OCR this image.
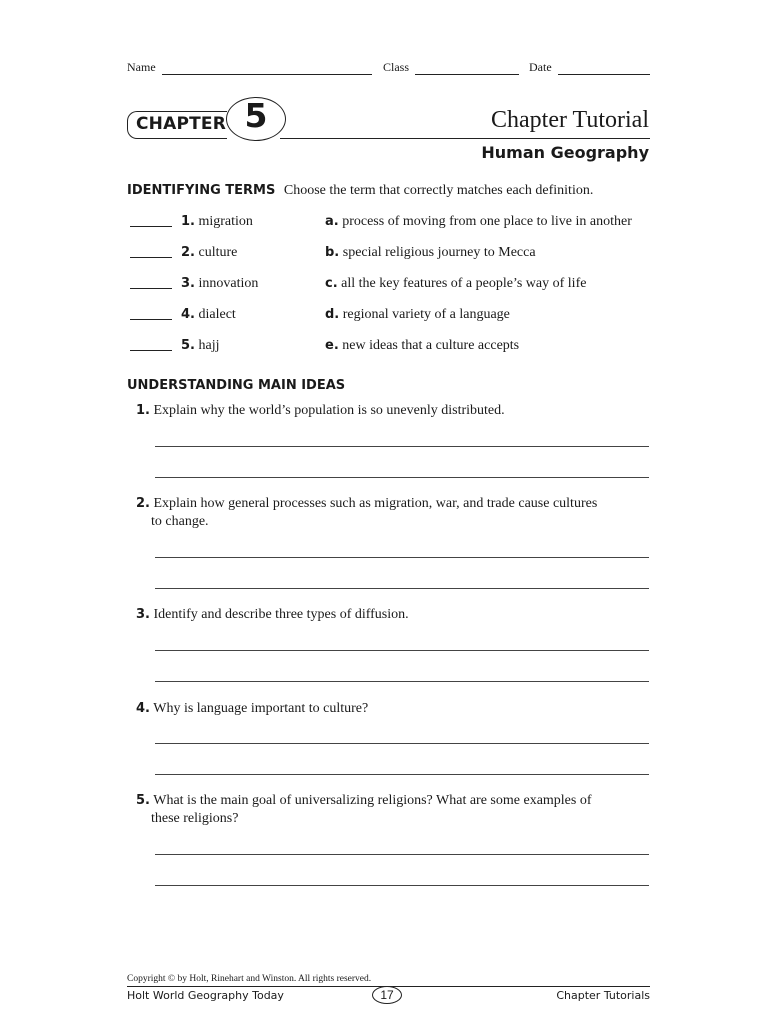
Name	Class	Date
CHAPTER 5	Chapter Tutorial
Human Geography
IDENTIFYING TERMS Choose the term that correctly matches each definition.
1. migration	a. process of moving from one place to live in another
2. culture	b. special religious journey to Mecca
3. innovation	c. all the key features of a people’s way of life
4. dialect	d. regional variety of a language
5. hajj	e. new ideas that a culture accepts
UNDERSTANDING MAIN IDEAS
1. Explain why the world’s population is so unevenly distributed.
2. Explain how general processes such as migration, war, and trade cause cultures
to change.
3. Identify and describe three types of diffusion.
4. Why is language important to culture?
5. What is the main goal of universalizing religions? What are some examples of
these religions?
Copyright © by Holt, Rinehart and Winston. All rights reserved.
Holt World Geography Today	17	Chapter Tutorials
